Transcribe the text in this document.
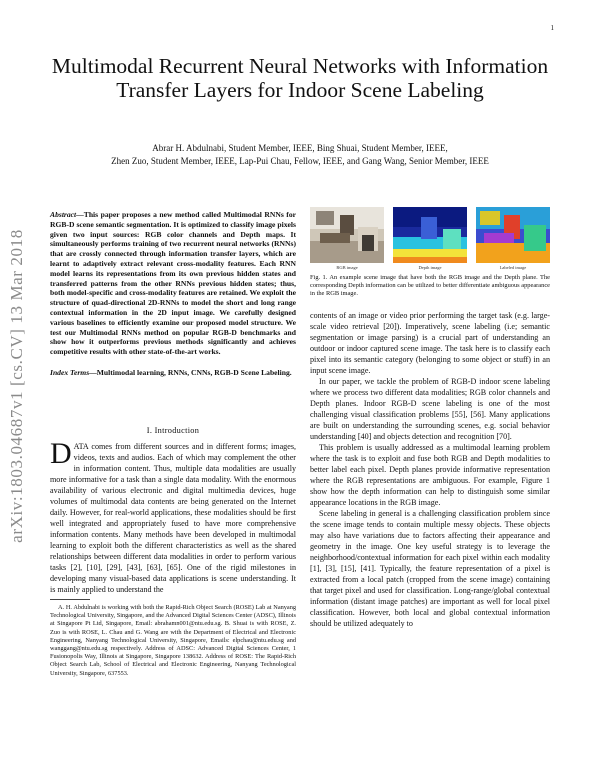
1
arXiv:1803.04687v1 [cs.CV] 13 Mar 2018
Multimodal Recurrent Neural Networks with Information Transfer Layers for Indoor Scene Labeling
Abrar H. Abdulnabi, Student Member, IEEE, Bing Shuai, Student Member, IEEE,
Zhen Zuo, Student Member, IEEE, Lap-Pui Chau, Fellow, IEEE, and Gang Wang, Senior Member, IEEE
Abstract—This paper proposes a new method called Multimodal RNNs for RGB-D scene semantic segmentation. It is optimized to classify image pixels given two input sources: RGB color channels and Depth maps. It simultaneously performs training of two recurrent neural networks (RNNs) that are crossly connected through information transfer layers, which are learnt to adaptively extract relevant cross-modality features. Each RNN model learns its representations from its own previous hidden states and transferred patterns from the other RNNs previous hidden states; thus, both model-specific and cross-modality features are retained. We exploit the structure of quad-directional 2D-RNNs to model the short and long range contextual information in the 2D input image. We carefully designed various baselines to efficiently examine our proposed model structure. We test our Multimodal RNNs method on popular RGB-D benchmarks and show how it outperforms previous methods significantly and achieves competitive results with other state-of-the-art works.
Index Terms—Multimodal learning, RNNs, CNNs, RGB-D Scene Labeling.
I. Introduction

DATA comes from different sources and in different forms; images, videos, texts and audios. Each of which may complement the other in information content. Thus, multiple data modalities are usually more informative for a task than a single data modality. With the enormous availability of various electronic and digital multimedia devices, huge volumes of multimodal data contents are being generated on the Internet daily. However, for real-world applications, these modalities should be first well integrated and appropriately fused to have more comprehensive information contents. Many methods have been developed in multimodal learning to exploit both the different characteristics as well as the shared relationships between different data modalities in order to perform various tasks [2], [10], [29], [43], [63], [65]. One of the rigid milestones in developing many visual-based data applications is scene understanding. It is mainly applied to understand the

A. H. Abdulnabi is working with both the Rapid-Rich Object Search (ROSE) Lab at Nanyang Technological University, Singapore, and the Advanced Digital Sciences Center (ADSC), Illinois at Singapore Pt Ltd, Singapore, Email: abrahamn001@ntu.edu.sg. B. Shuai is with ROSE, Z. Zuo is with ROSE, L. Chau and G. Wang are with the Department of Electrical and Electronic Engineering, Nanyang Technological University, Singapore, Emails: elpchau@ntu.edu.sg and wanggang@ntu.edu.sg respectively. Address of ADSC: Advanced Digital Sciences Center, 1 Fusionopolis Way, Illinois at Singapore, Singapore 138632. Address of ROSE: The Rapid-Rich Object Search Lab, School of Electrical and Electronic Engineering, Nanyang Technological University, Singapore, 637553.

RGB image	Depth image	Labeled image
Fig. 1. An example scene image that have both the RGB image and the Depth plane. The corresponding Depth information can be utilized to better differentiate ambiguous appearance in the RGB image.

contents of an image or video prior performing the target task (e.g. large-scale video retrieval [20]). Imperatively, scene labeling (i.e; semantic segmentation or image parsing) is a crucial part of understanding an outdoor or indoor captured scene image. The task here is to classify each pixel into its semantic category (belonging to some object or stuff) in an input scene image.

In our paper, we tackle the problem of RGB-D indoor scene labeling where we process two different data modalities; RGB color channels and Depth planes. Indoor RGB-D scene labeling is one of the most challenging visual classification problems [55], [56]. Many applications are built on understanding the surrounding scenes, e.g. social behavior understanding [40] and objects detection and recognition [70].

This problem is usually addressed as a multimodal learning problem where the task is to exploit and fuse both RGB and Depth modalities to better label each pixel. Depth planes provide informative representation where the RGB representations are ambiguous. For example, Figure 1 show how the depth information can help to distinguish some similar appearance locations in the RGB image.

Scene labeling in general is a challenging classification problem since the scene image tends to contain multiple messy objects. These objects may also have variations due to factors affecting their appearance and geometry in the image. One key useful strategy is to leverage the neighborhood/contextual information for each pixel within each modality [1], [3], [15], [41]. Typically, the feature representation of a pixel is extracted from a local patch (cropped from the scene image) containing that target pixel and used for classification. Long-range/global contextual information (distant image patches) are important as well for local pixel classification. However, both local and global contextual information should be utilized adequately to
